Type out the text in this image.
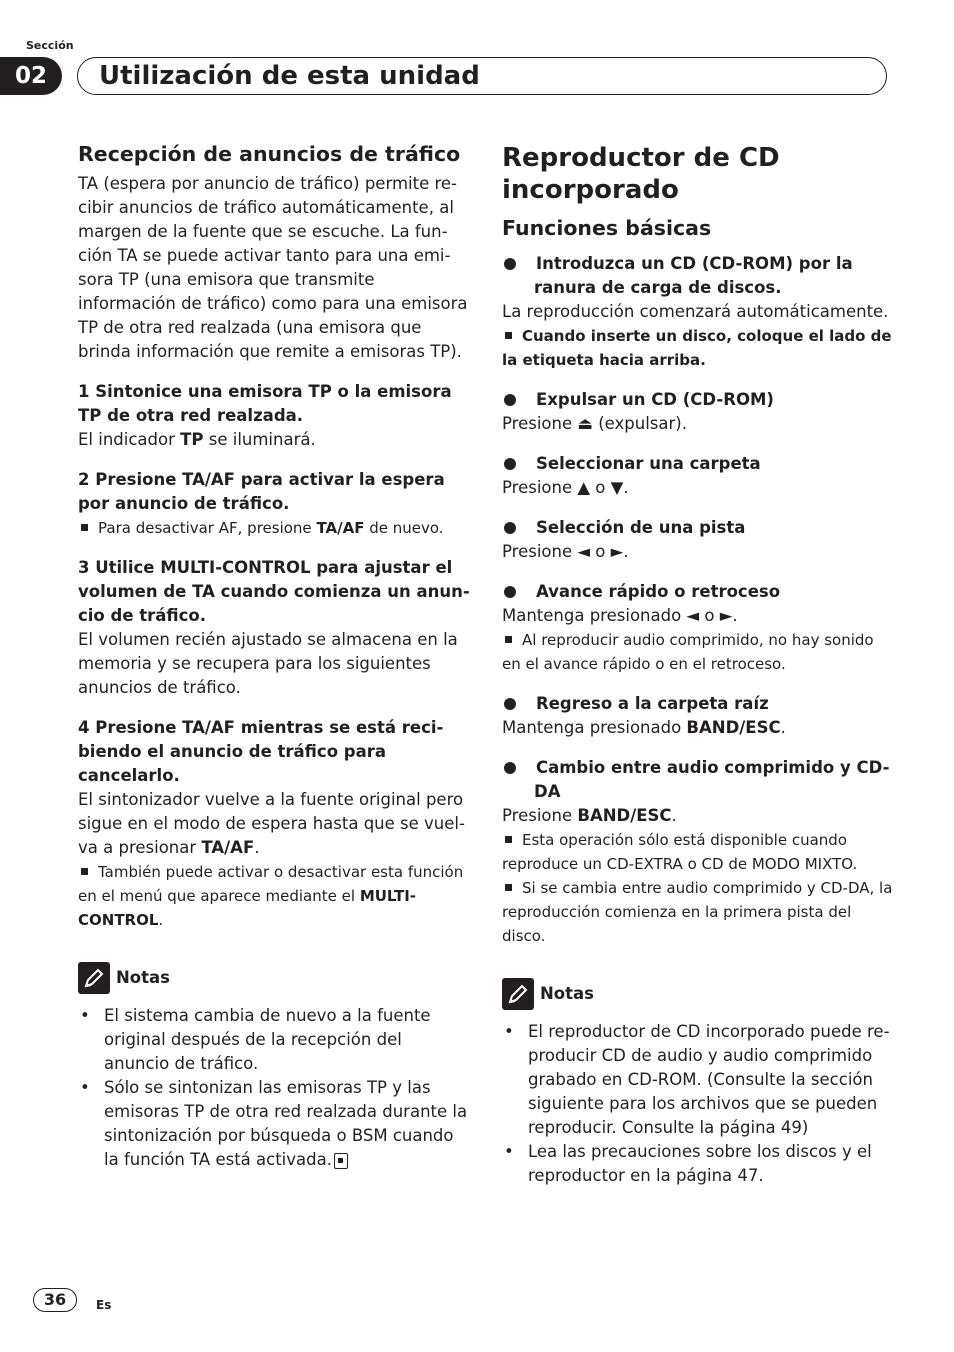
Sección
02	Utilización de esta unidad
Recepción de anuncios de tráfico

TA (espera por anuncio de tráfico) permite recibir anuncios de tráfico automáticamente, al margen de la fuente que se escuche. La función TA se puede activar tanto para una emisora TP (una emisora que transmite información de tráfico) como para una emisora TP de otra red realzada (una emisora que brinda información que remite a emisoras TP).

1 Sintonice una emisora TP o la emisora TP de otra red realzada.

El indicador TP se iluminará.

2 Presione TA/AF para activar la espera por anuncio de tráfico.

Para desactivar AF, presione TA/AF de nuevo.

3 Utilice MULTI-CONTROL para ajustar el volumen de TA cuando comienza un anuncio de tráfico.

El volumen recién ajustado se almacena en la memoria y se recupera para los siguientes anuncios de tráfico.

4 Presione TA/AF mientras se está recibiendo el anuncio de tráfico para cancelarlo.

El sintonizador vuelve a la fuente original pero sigue en el modo de espera hasta que se vuelva a presionar TA/AF.

También puede activar o desactivar esta función en el menú que aparece mediante el MULTI-CONTROL.

Notas
• El sistema cambia de nuevo a la fuente original después de la recepción del anuncio de tráfico.
• Sólo se sintonizan las emisoras TP y las emisoras TP de otra red realzada durante la sintonización por búsqueda o BSM cuando la función TA está activada.
Reproductor de CD incorporado
Funciones básicas

Introduzca un CD (CD-ROM) por la ranura de carga de discos.

La reproducción comenzará automáticamente.

Cuando inserte un disco, coloque el lado de la etiqueta hacia arriba.

Expulsar un CD (CD-ROM)

Presione ⏏ (expulsar).

Seleccionar una carpeta

Presione ▲ o ▼.

Selección de una pista

Presione ◄ o ►.

Avance rápido o retroceso

Mantenga presionado ◄ o ►.

Al reproducir audio comprimido, no hay sonido en el avance rápido o en el retroceso.

Regreso a la carpeta raíz

Mantenga presionado BAND/ESC.

Cambio entre audio comprimido y CD-DA

Presione BAND/ESC.

Esta operación sólo está disponible cuando reproduce un CD-EXTRA o CD de MODO MIXTO.

Si se cambia entre audio comprimido y CD-DA, la reproducción comienza en la primera pista del disco.

Notas
• El reproductor de CD incorporado puede reproducir CD de audio y audio comprimido grabado en CD-ROM. (Consulte la sección siguiente para los archivos que se pueden reproducir. Consulte la página 49)
• Lea las precauciones sobre los discos y el reproductor en la página 47.
36	Es
